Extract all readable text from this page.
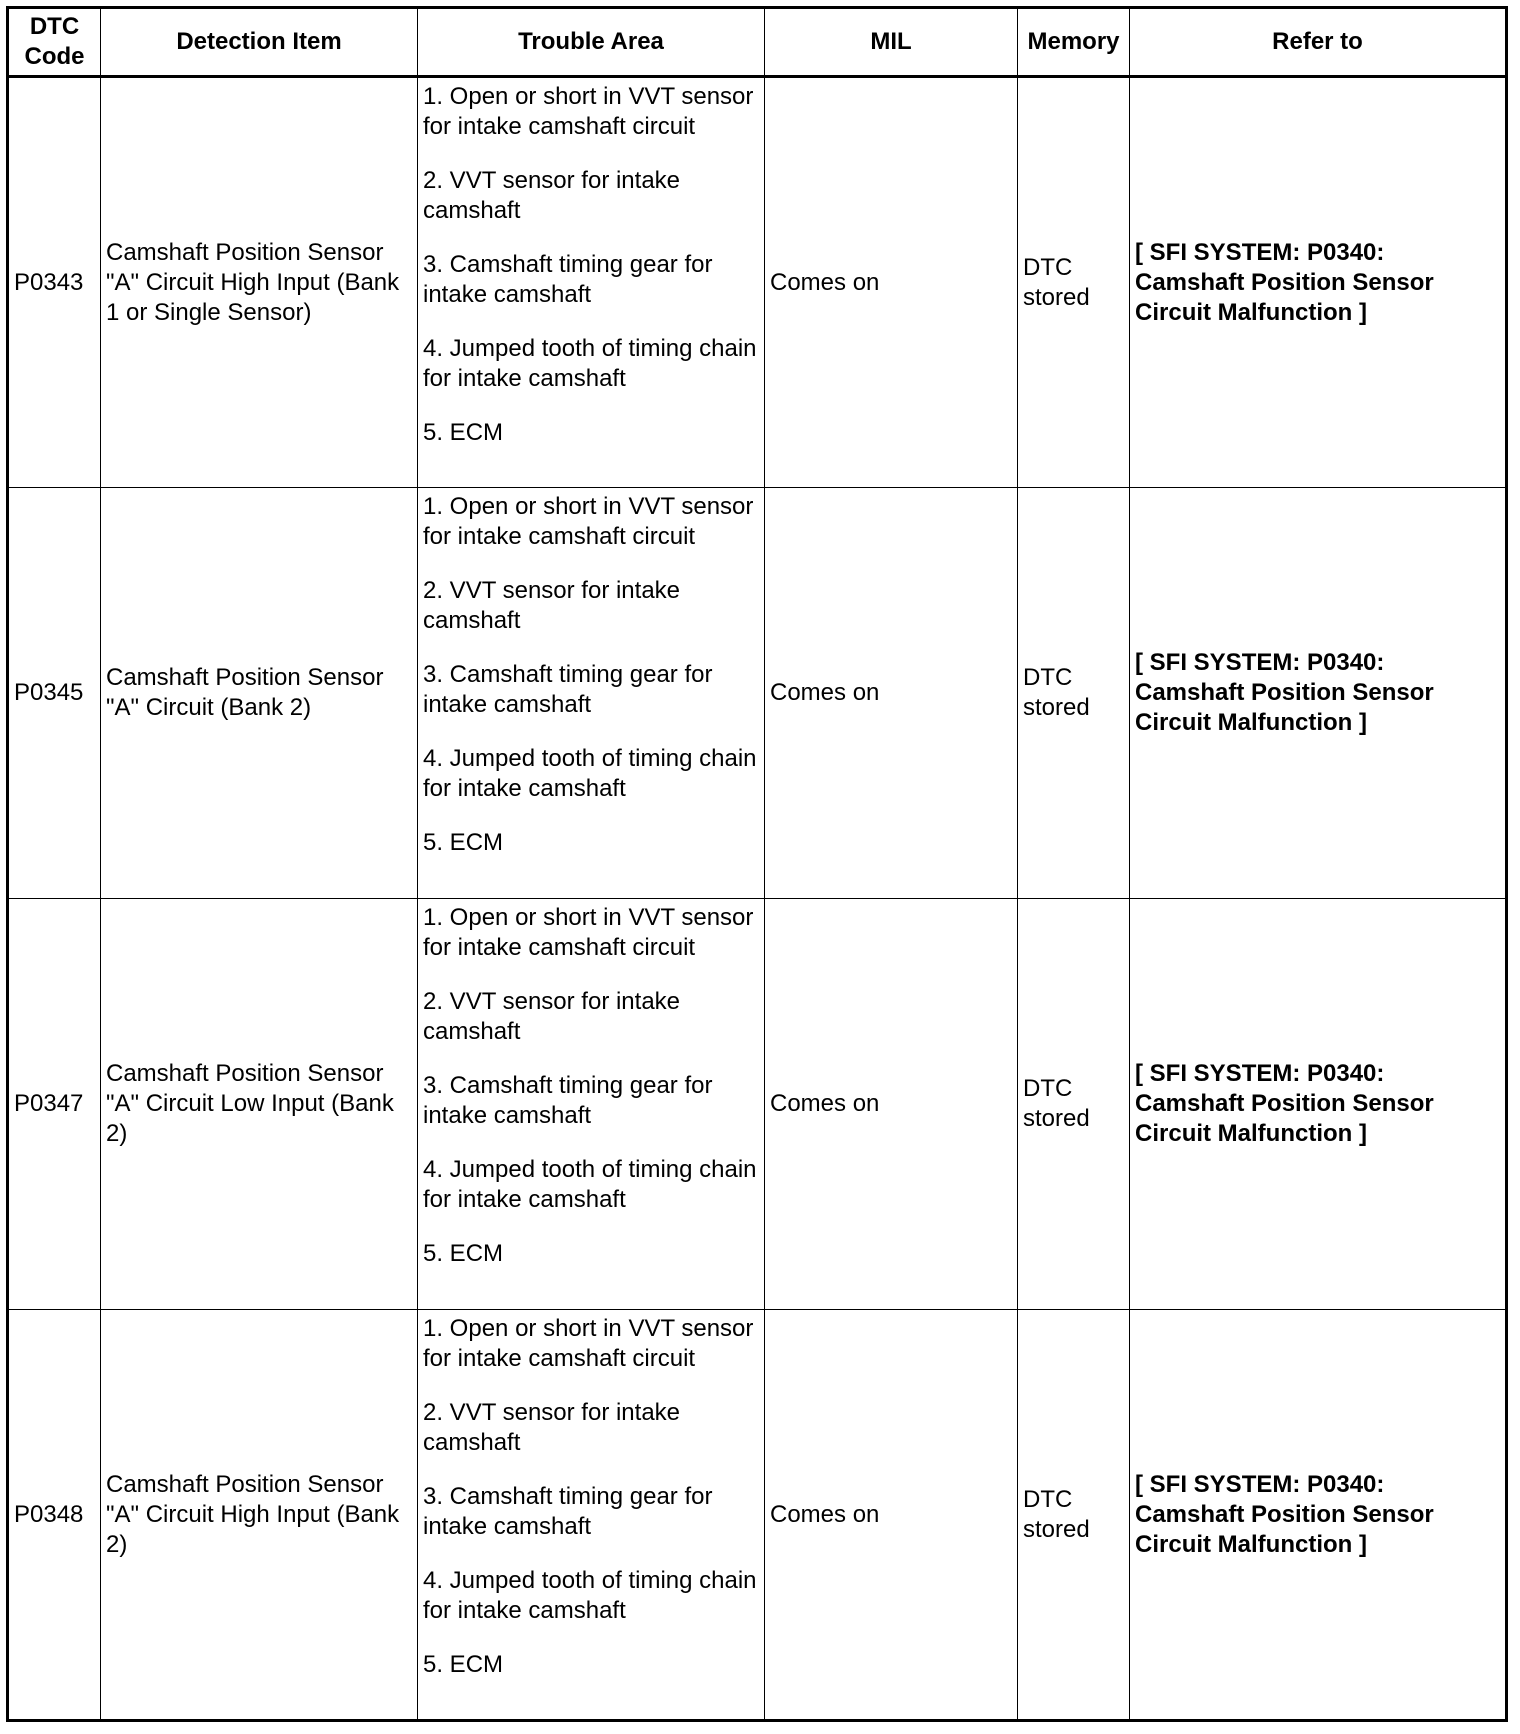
DTC Code	Detection Item	Trouble Area	MIL	Memory	Refer to
P0343	Camshaft Position Sensor "A" Circuit High Input (Bank 1 or Single Sensor)	1. Open or short in VVT sensor for intake camshaft circuit
2. VVT sensor for intake camshaft
3. Camshaft timing gear for intake camshaft
4. Jumped tooth of timing chain for intake camshaft
5. ECM	Comes on	DTC stored	[ SFI SYSTEM: P0340: Camshaft Position Sensor Circuit Malfunction ]
P0345	Camshaft Position Sensor "A" Circuit (Bank 2)	1. Open or short in VVT sensor for intake camshaft circuit
2. VVT sensor for intake camshaft
3. Camshaft timing gear for intake camshaft
4. Jumped tooth of timing chain for intake camshaft
5. ECM	Comes on	DTC stored	[ SFI SYSTEM: P0340: Camshaft Position Sensor Circuit Malfunction ]
P0347	Camshaft Position Sensor "A" Circuit Low Input (Bank 2)	1. Open or short in VVT sensor for intake camshaft circuit
2. VVT sensor for intake camshaft
3. Camshaft timing gear for intake camshaft
4. Jumped tooth of timing chain for intake camshaft
5. ECM	Comes on	DTC stored	[ SFI SYSTEM: P0340: Camshaft Position Sensor Circuit Malfunction ]
P0348	Camshaft Position Sensor "A" Circuit High Input (Bank 2)	1. Open or short in VVT sensor for intake camshaft circuit
2. VVT sensor for intake camshaft
3. Camshaft timing gear for intake camshaft
4. Jumped tooth of timing chain for intake camshaft
5. ECM	Comes on	DTC stored	[ SFI SYSTEM: P0340: Camshaft Position Sensor Circuit Malfunction ]
